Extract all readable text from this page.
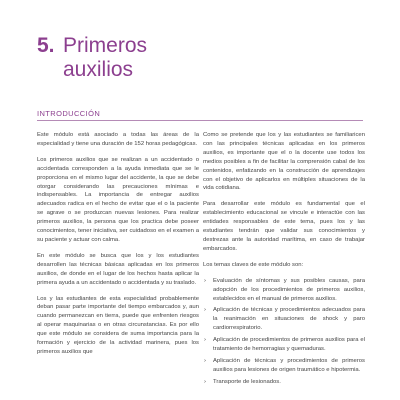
5. Primeros
auxilios
INTRODUCCIÓN

Este módulo está asociado a todas las áreas de la especialidad y tiene una duración de 152 horas pedagógicas.

Los primeros auxilios que se realizan a un accidentado o accidentada corresponden a la ayuda inmediata que se le proporciona en el mismo lugar del accidente, la que se debe otorgar considerando las precauciones mínimas e indispensables. La importancia de entregar auxilios adecuados radica en el hecho de evitar que el o la paciente se agrave o se produzcan nuevas lesiones. Para realizar primeros auxilios, la persona que los practica debe poseer conocimientos, tener iniciativa, ser cuidadoso en el examen a su paciente y actuar con calma.

En este módulo se busca que los y los estudiantes desarrollen las técnicas básicas aplicadas en los primeros auxilios, de donde en el lugar de los hechos hasta aplicar la primera ayuda a un accidentado o accidentada y su traslado.

Los y las estudiantes de esta especialidad probablemente deban pasar parte importante del tiempo embarcados y, aun cuando permanezcan en tierra, puede que enfrenten riesgos al operar maquinarias o en otras circunstancias. Es por ello que este módulo se considera de suma importancia para la formación y ejercicio de la actividad marinera, pues los primeros auxilios que

Como se pretende que los y las estudiantes se familiaricen con las principales técnicas aplicadas en los primeros auxilios, es importante que el o la docente use todos los medios posibles a fin de facilitar la comprensión cabal de los contenidos, enfatizando en la construcción de aprendizajes con el objetivo de aplicarlos en múltiples situaciones de la vida cotidiana.

Para desarrollar este módulo es fundamental que el establecimiento educacional se vincule e interactúe con las entidades responsables de este tema, pues los y las estudiantes tendrán que validar sus conocimientos y destrezas ante la autoridad marítima, en caso de trabajar embarcados.

Los temas claves de este módulo son:

›	Evaluación de síntomas y sus posibles causas, para adopción de los procedimientos de primeros auxilios, establecidos en el manual de primeros auxilios.
›	Aplicación de técnicas y procedimientos adecuados para la reanimación en situaciones de shock y paro cardiorrespiratorio.
›	Aplicación de procedimientos de primeros auxilios para el tratamiento de hemorragias y quemaduras.
›	Aplicación de técnicas y procedimientos de primeros auxilios para lesiones de origen traumático e hipotermia.
›	Transporte de lesionados.
